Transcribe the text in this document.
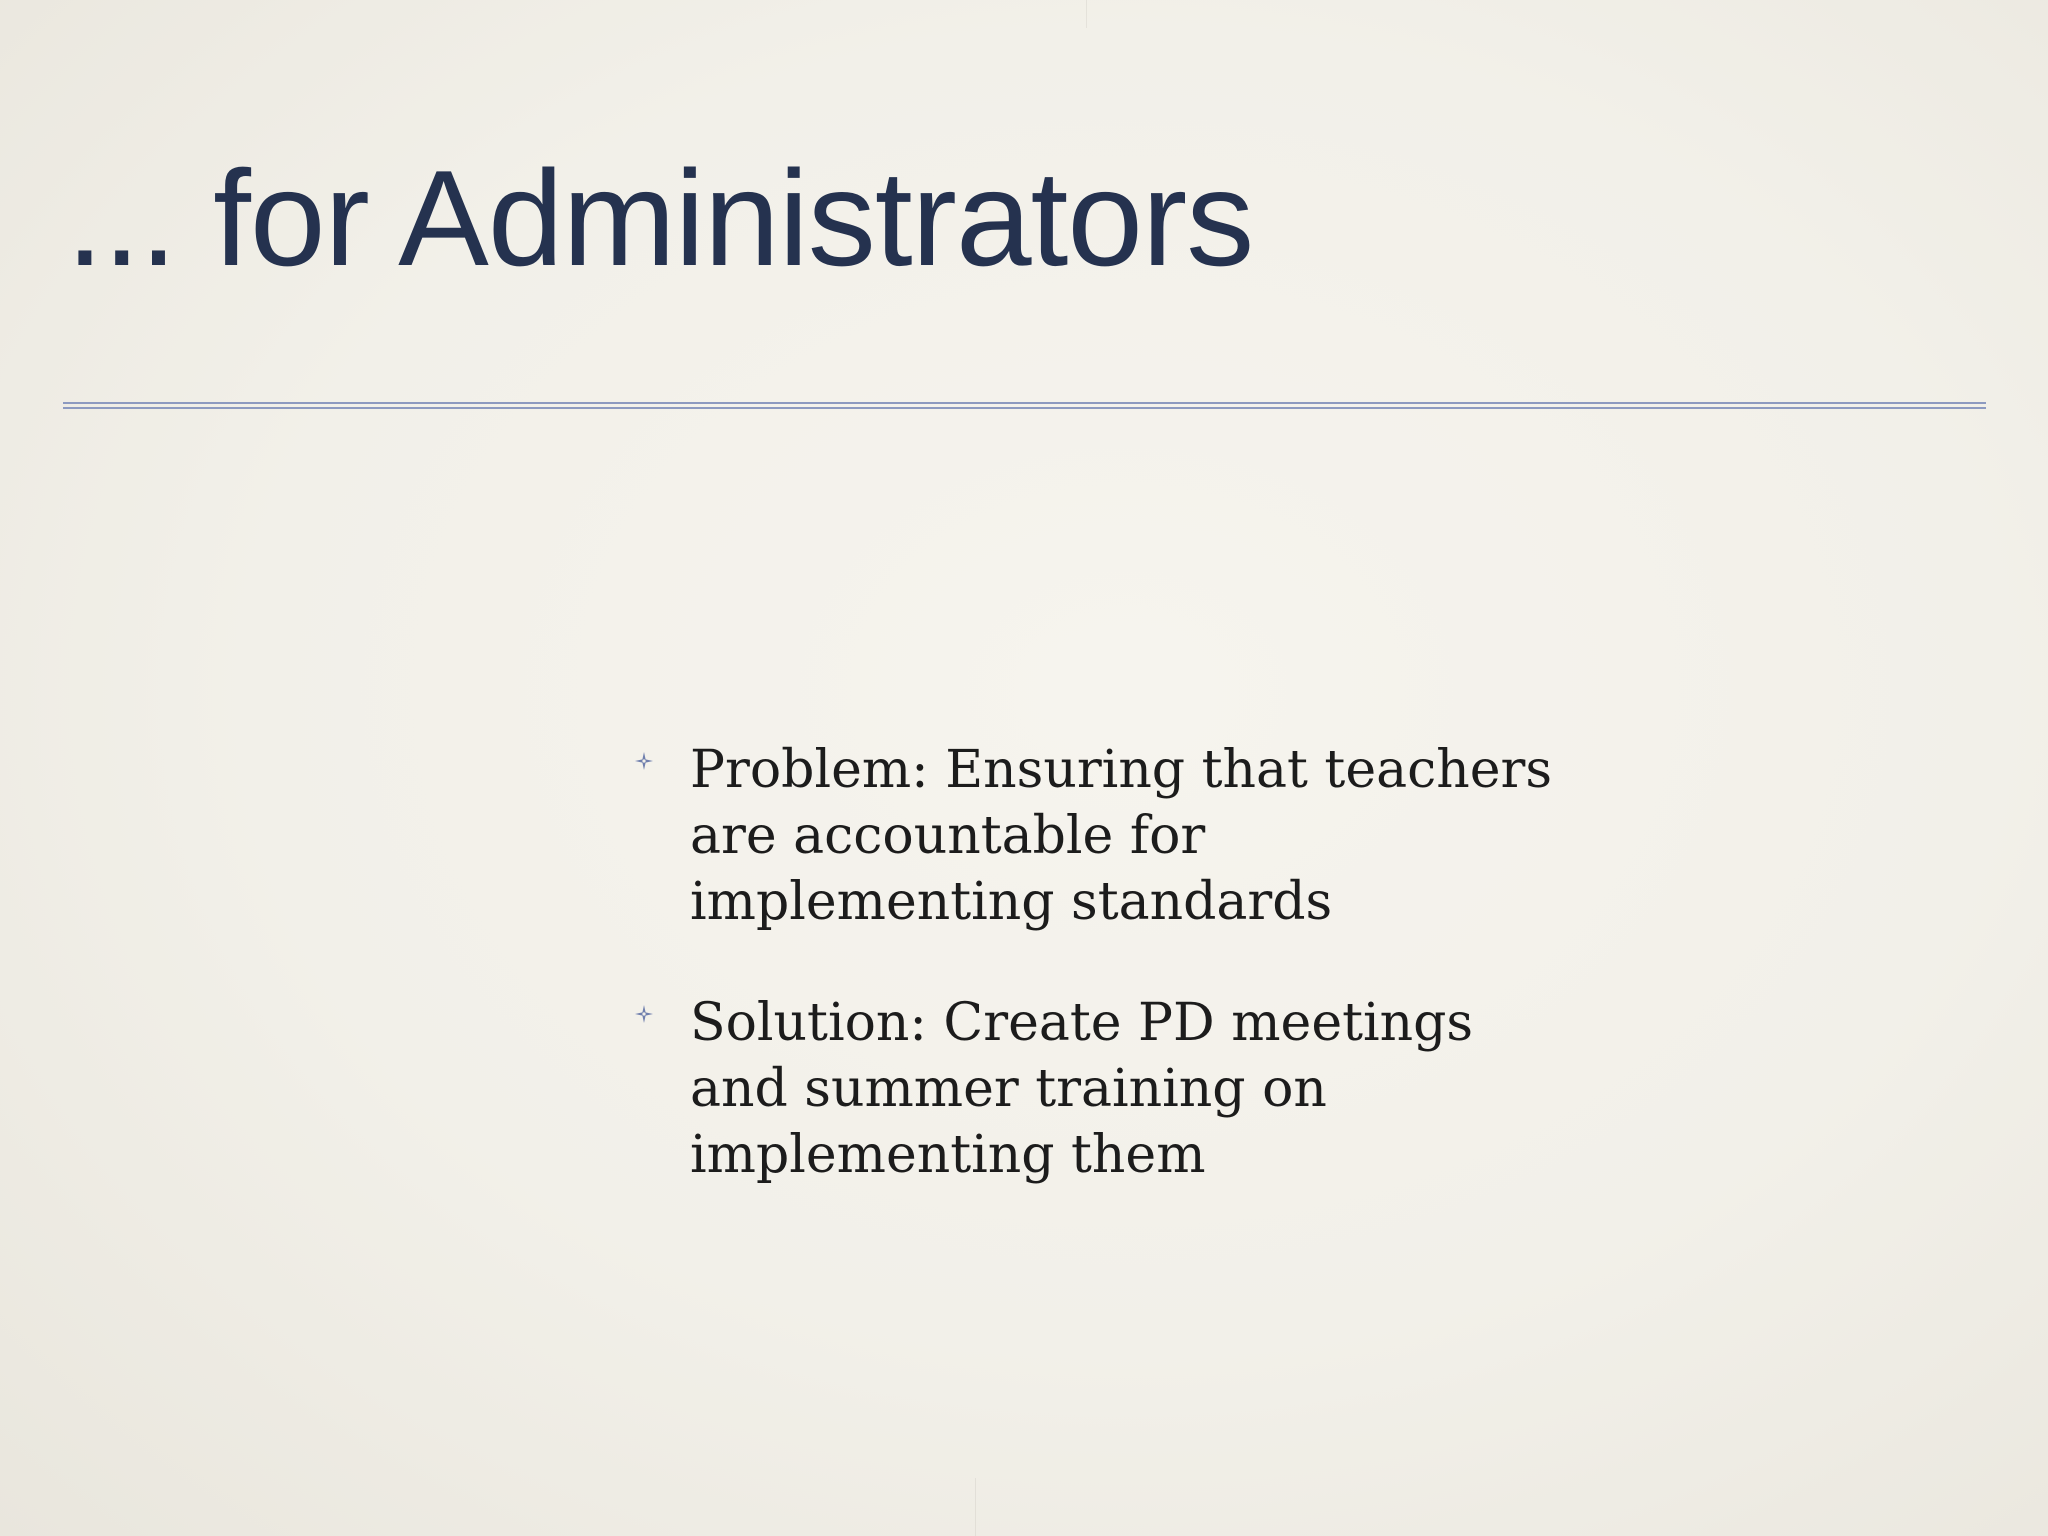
... for Administrators
Problem: Ensuring that teachers
are accountable for
implementing standards
Solution: Create PD meetings
and summer training on
implementing them
